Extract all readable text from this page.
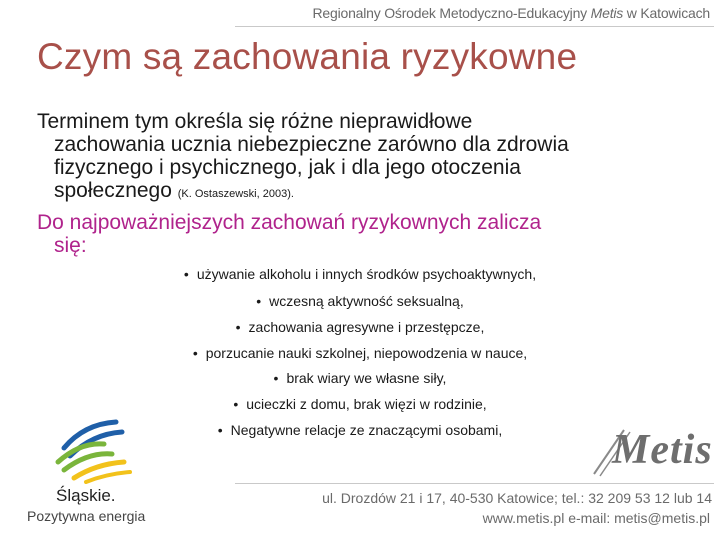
Regionalny Ośrodek Metodyczno-Edukacyjny Metis w Katowicach
Czym są zachowania ryzykowne
Terminem tym określa się różne nieprawidłowe
zachowania ucznia niebezpieczne zarówno dla zdrowia
fizycznego i psychicznego, jak i dla jego otoczenia
społecznego (K. Ostaszewski, 2003).
Do najpoważniejszych zachowań ryzykownych zalicza
się:
• używanie alkoholu i innych środków psychoaktywnych,
• wczesną aktywność seksualną,
• zachowania agresywne i przestępcze,
• porzucanie nauki szkolnej, niepowodzenia w nauce,
• brak wiary we własne siły,
• ucieczki z domu, brak więzi w rodzinie,
• Negatywne relacje ze znaczącymi osobami,
Śląskie.
Pozytywna energia
Metis
ul. Drozdów 21 i 17, 40-530 Katowice; tel.: 32 209 53 12 lub 14
www.metis.pl e-mail: metis@metis.pl
